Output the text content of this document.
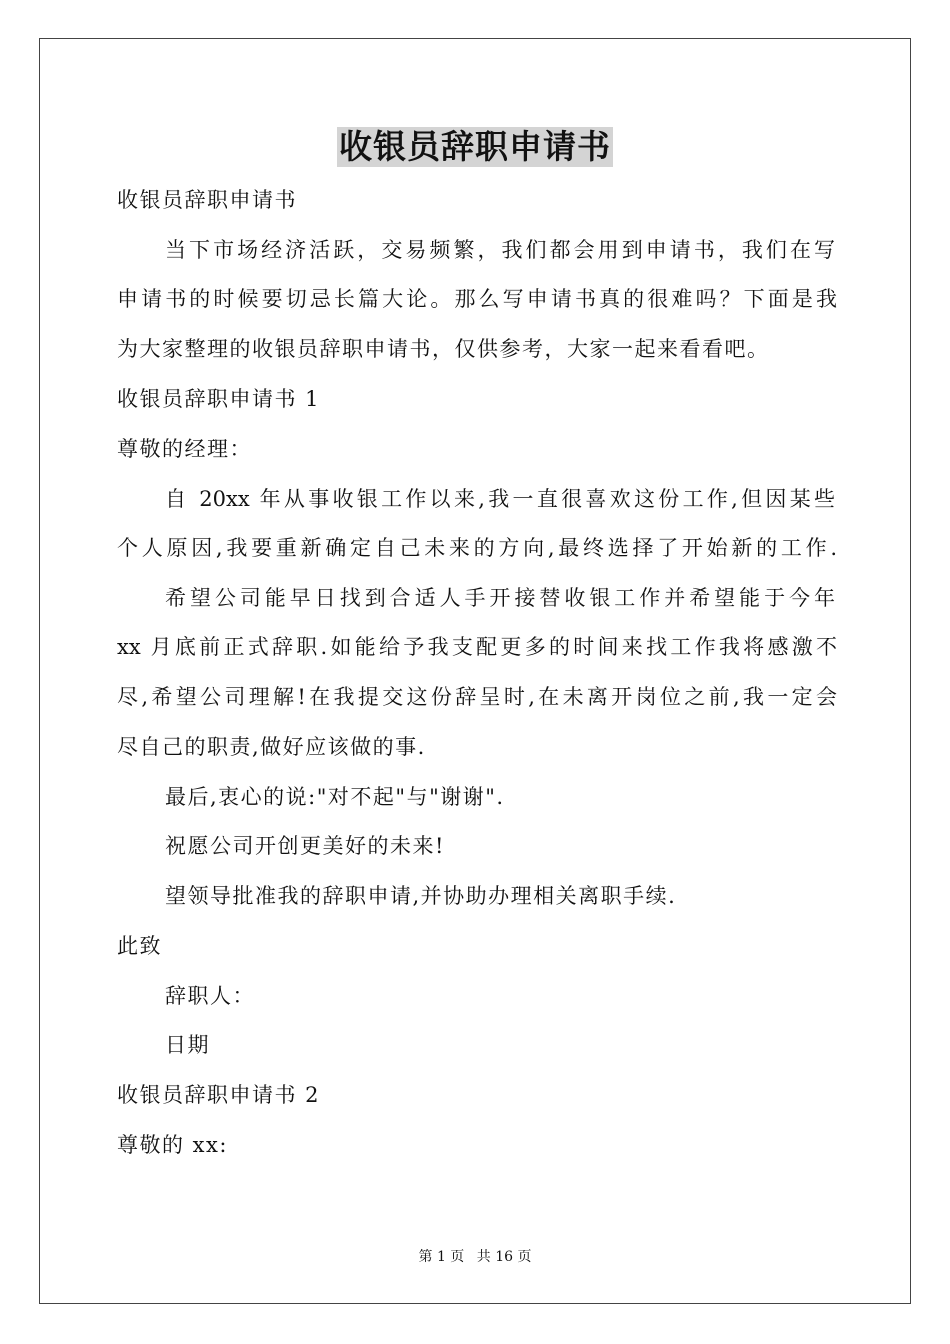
收银员辞职申请书
收银员辞职申请书
当下市场经济活跃，交易频繁，我们都会用到申请书，我们在写
申请书的时候要切忌长篇大论。那么写申请书真的很难吗？下面是我
为大家整理的收银员辞职申请书，仅供参考，大家一起来看看吧。
收银员辞职申请书 1
尊敬的经理：
自 20xx 年从事收银工作以来,我一直很喜欢这份工作,但因某些
个人原因,我要重新确定自己未来的方向,最终选择了开始新的工作.
希望公司能早日找到合适人手开接替收银工作并希望能于今年
xx 月底前正式辞职.如能给予我支配更多的时间来找工作我将感激不
尽,希望公司理解!在我提交这份辞呈时,在未离开岗位之前,我一定会
尽自己的职责,做好应该做的事.
最后,衷心的说:"对不起"与"谢谢".
祝愿公司开创更美好的未来!
望领导批准我的辞职申请,并协助办理相关离职手续.
此致
辞职人：
日期
收银员辞职申请书 2
尊敬的 xx:
第 1 页 共 16 页
